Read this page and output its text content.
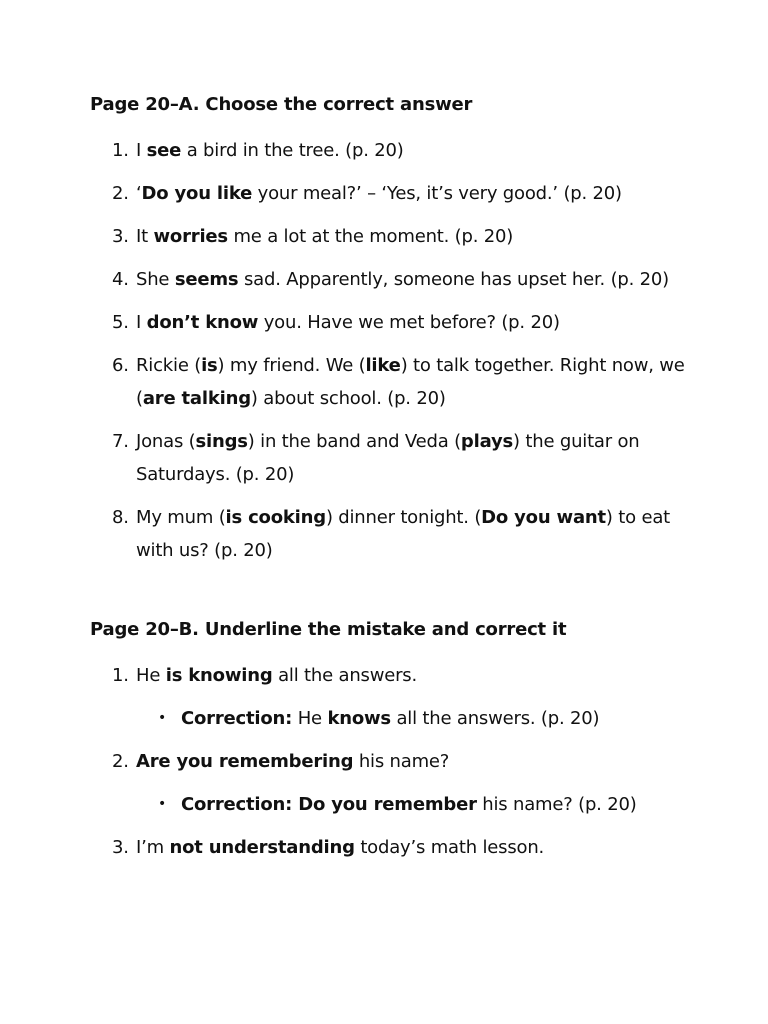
Page 20–A. Choose the correct answer
1. I see a bird in the tree. (p. 20)
2. ‘Do you like your meal?’ – ‘Yes, it’s very good.’ (p. 20)
3. It worries me a lot at the moment. (p. 20)
4. She seems sad. Apparently, someone has upset her. (p. 20)
5. I don’t know you. Have we met before? (p. 20)
6. Rickie (is) my friend. We (like) to talk together. Right now, we (are talking) about school. (p. 20)
7. Jonas (sings) in the band and Veda (plays) the guitar on Saturdays. (p. 20)
8. My mum (is cooking) dinner tonight. (Do you want) to eat with us? (p. 20)
Page 20–B. Underline the mistake and correct it
1. He is knowing all the answers.
• Correction: He knows all the answers. (p. 20)
2. Are you remembering his name?
• Correction: Do you remember his name? (p. 20)
3. I’m not understanding today’s math lesson.
